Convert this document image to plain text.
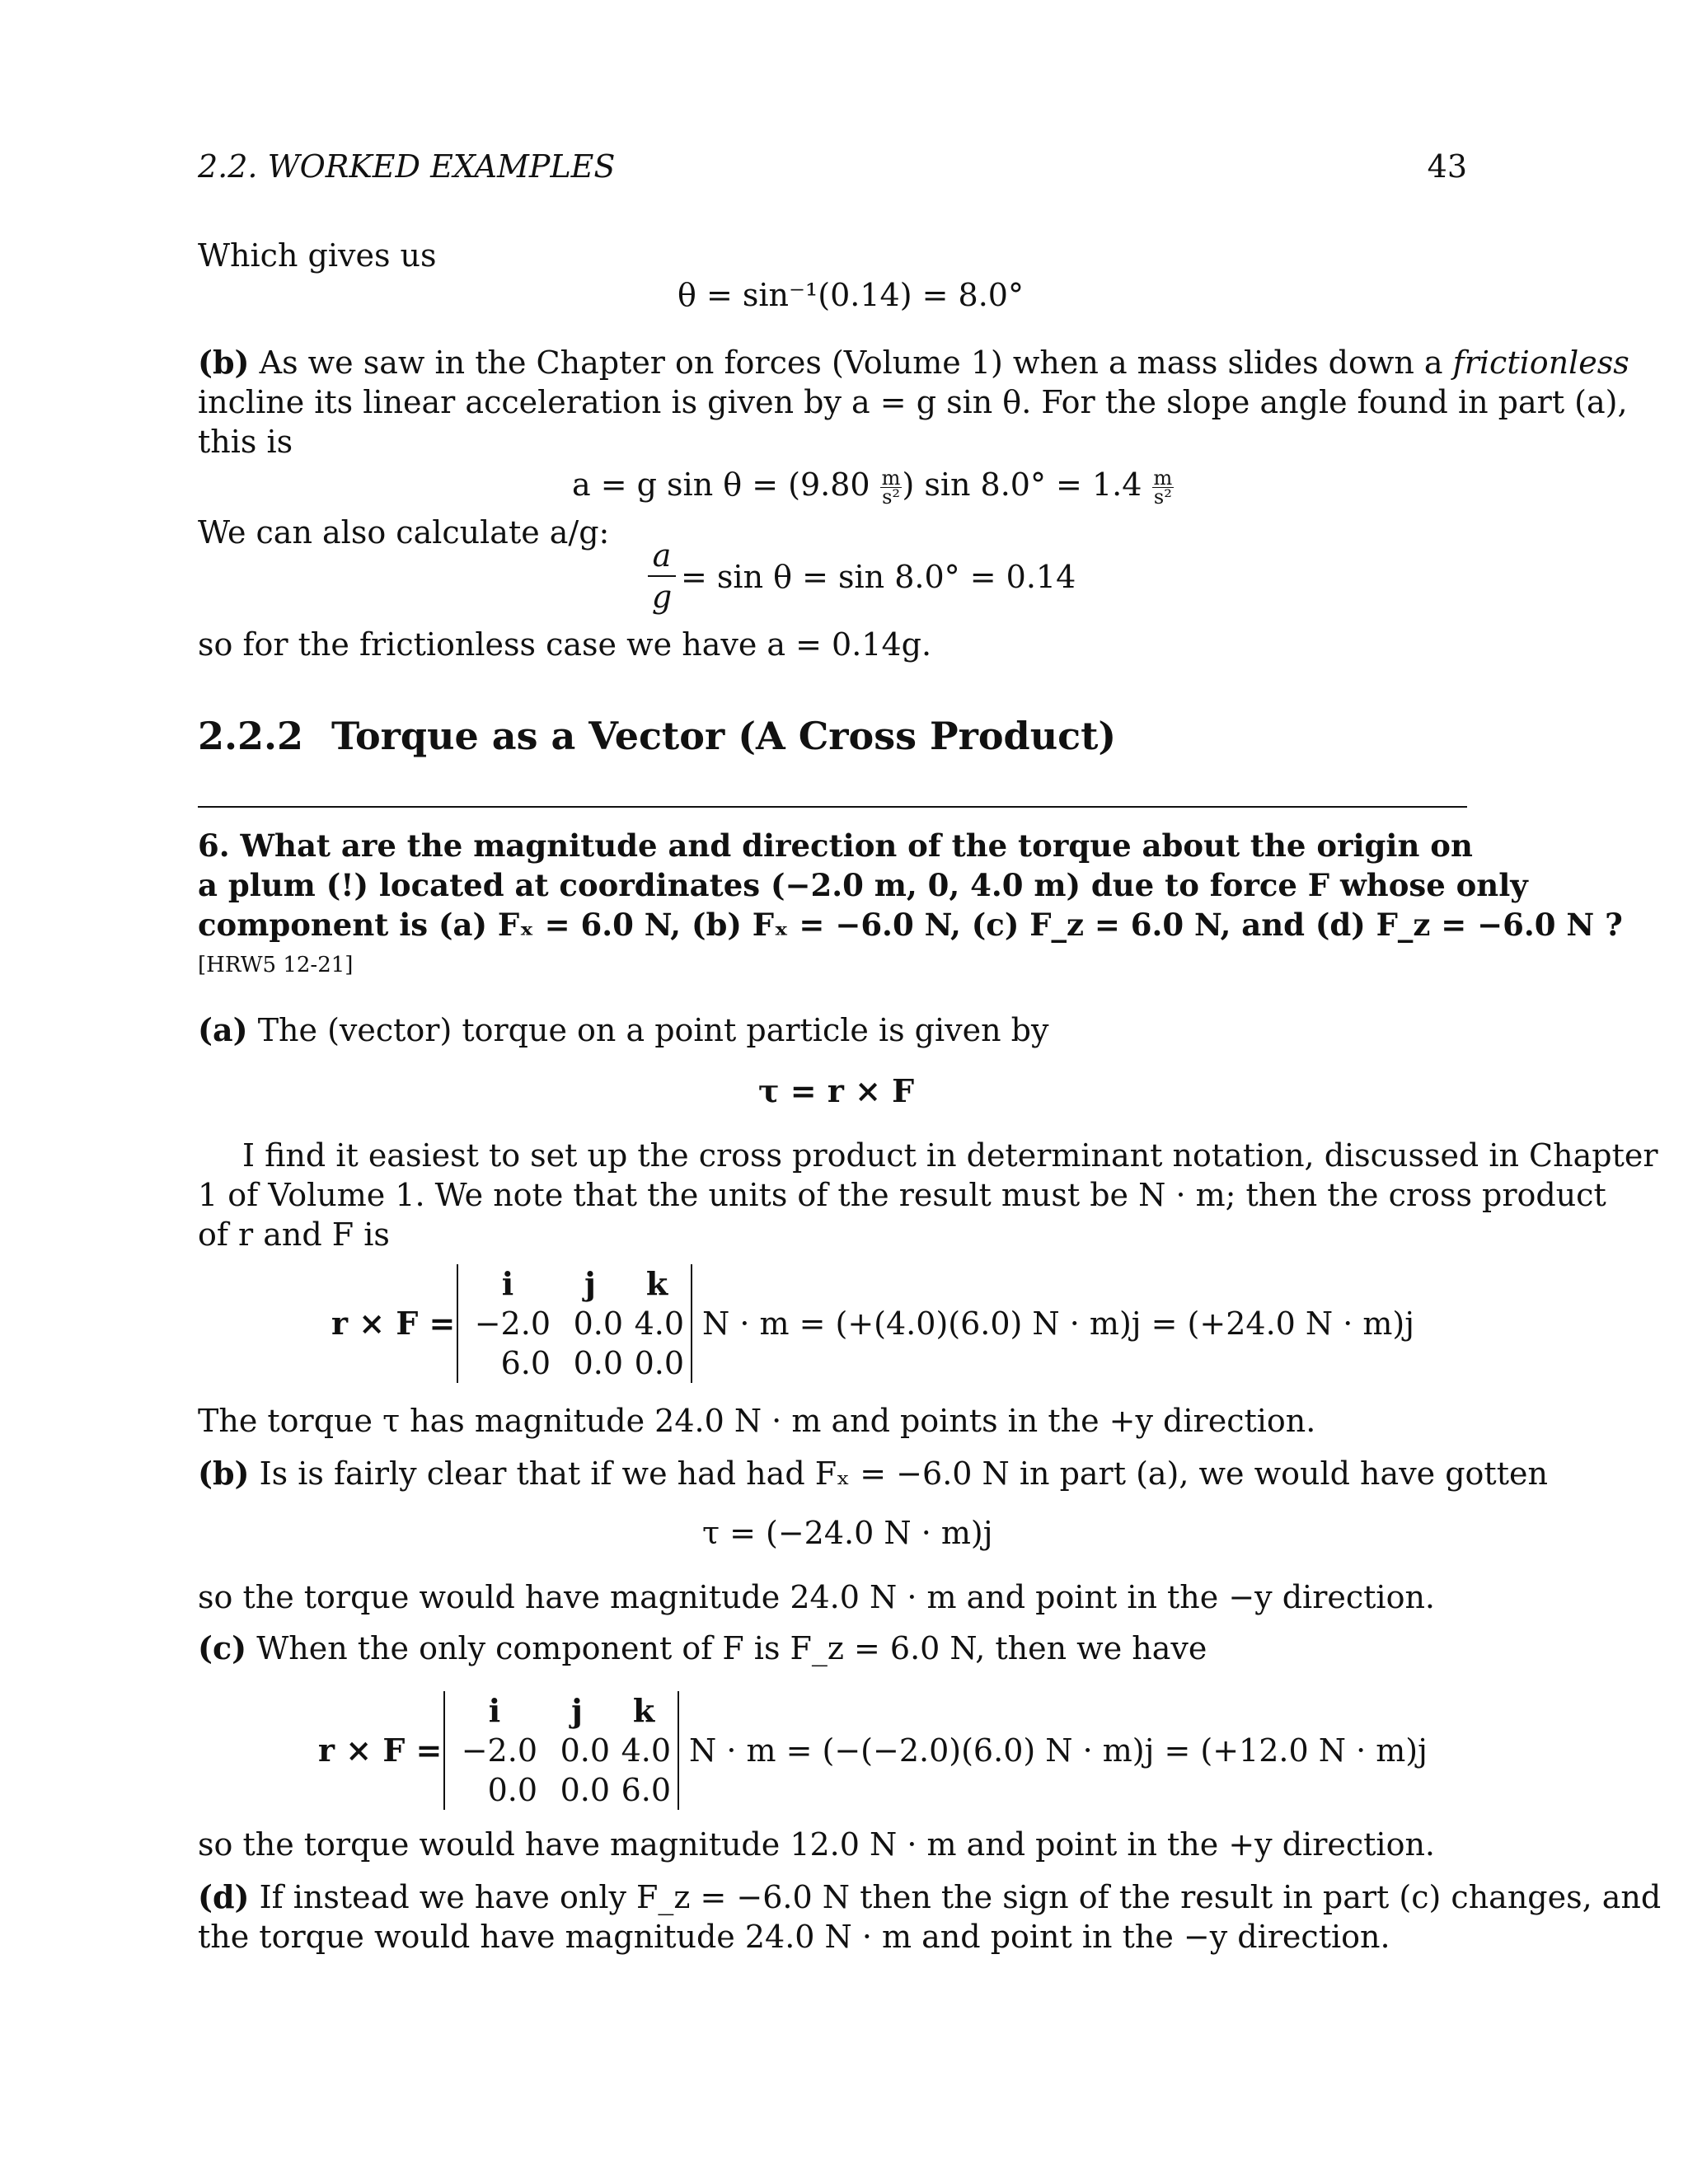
2.2. WORKED EXAMPLES	43
Which gives us
θ = sin⁻¹(0.14) = 8.0°
(b) As we saw in the Chapter on forces (Volume 1) when a mass slides down a frictionless
incline its linear acceleration is given by a = g sin θ. For the slope angle found in part (a),
this is
a = g $\sin \theta = (9.80 \frac{m}{\text{s²}}$ ) $\sin 8.0^\circ = 1.4 \frac{m}{\text{s²}}$
We can also calculate a/g:
a
g
= sin θ = sin 8.0° = 0.14
so for the frictionless case we have a = 0.14g.
2.2.2 Torque as a Vector (A Cross Product)
6. What are the magnitude and direction of the torque about the origin on
a plum (!) located at coordinates (−2.0 m, 0, 4.0 m) due to force F whose only
component is (a) Fₓ = 6.0 N, (b) Fₓ = −6.0 N, (c) F_z = 6.0 N, and (d) F_z = −6.0 N ?
[HRW5 12-21]
(a) The (vector) torque on a point particle is given by
τ = r × F
I find it easiest to set up the cross product in determinant notation, discussed in Chapter
1 of Volume 1. We note that the units of the result must be N · m; then the cross product
of r and F is
r × F =
i	j	k
−2.0 0.0 4.0
6.0 0.0 0.0
N · m = (+(4.0)(6.0) N · m)j = (+24.0 N · m)j
The torque τ has magnitude 24.0 N · m and points in the +y direction.
(b) Is is fairly clear that if we had had Fₓ = −6.0 N in part (a), we would have gotten
τ = (−24.0 N · m)j
so the torque would have magnitude 24.0 N · m and point in the −y direction.
(c) When the only component of F is F_z = 6.0 N, then we have
r × F =
i	j	k
−2.0 0.0 4.0
0.0 0.0 6.0
N · m = (−(−2.0)(6.0) N · m)j = (+12.0 N · m)j
so the torque would have magnitude 12.0 N · m and point in the +y direction.
(d) If instead we have only F_z = −6.0 N then the sign of the result in part (c) changes, and
the torque would have magnitude 24.0 N · m and point in the −y direction.
